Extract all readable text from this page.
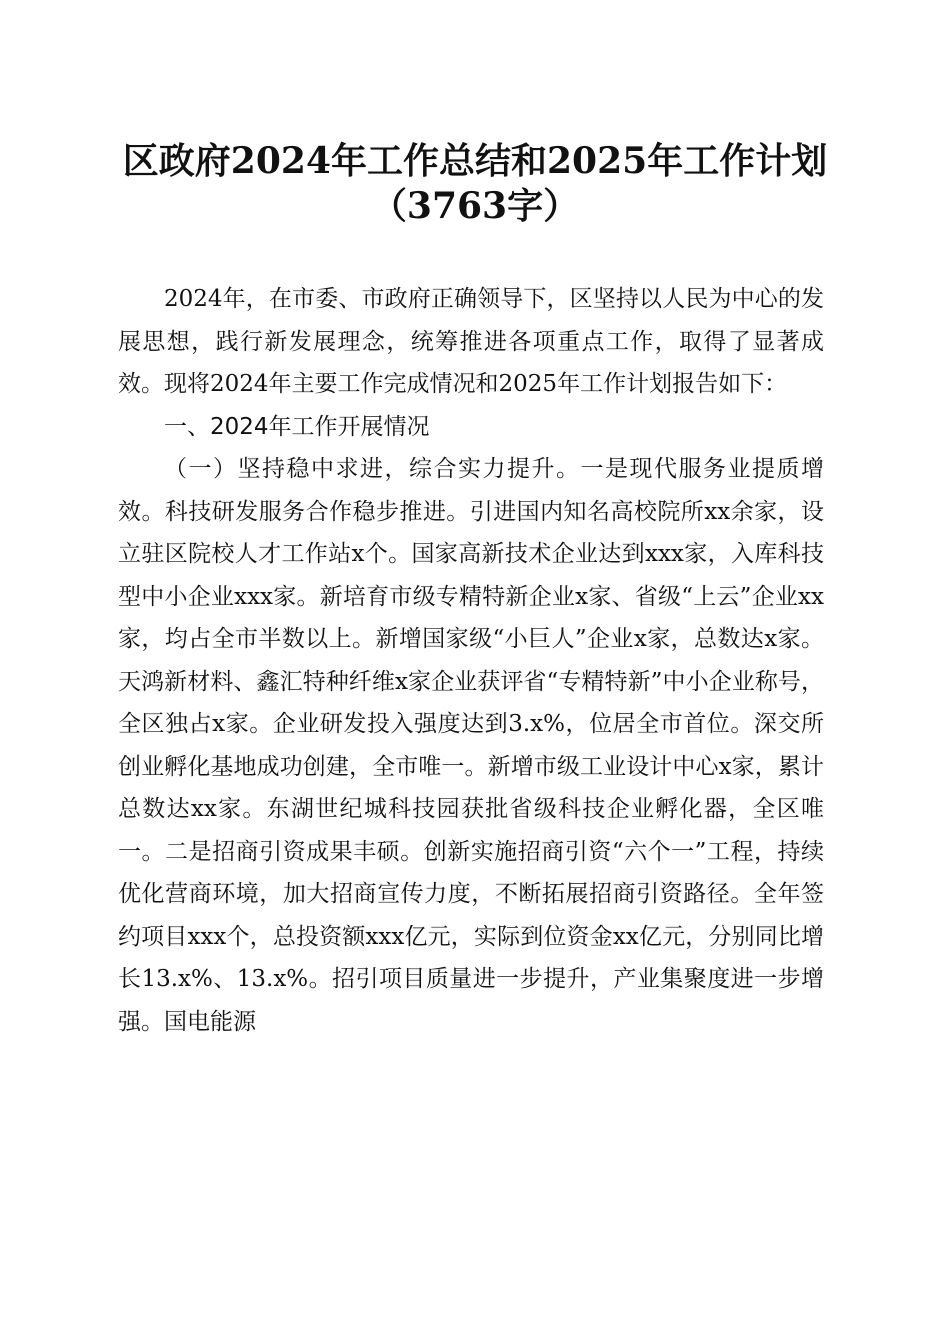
区政府2024年工作总结和2025年工作计划
（3763字）

2024年，在市委、市政府正确领导下，区坚持以人民为中心的发展思想，践行新发展理念，统筹推进各项重点工作，取得了显著成效。现将2024年主要工作完成情况和2025年工作计划报告如下：

一、2024年工作开展情况

（一）坚持稳中求进，综合实力提升。一是现代服务业提质增效。科技研发服务合作稳步推进。引进国内知名高校院所xx余家，设立驻区院校人才工作站x个。国家高新技术企业达到xxx家，入库科技型中小企业xxx家。新培育市级专精特新企业x家、省级“上云”企业xx家，均占全市半数以上。新增国家级“小巨人”企业x家，总数达x家。天鸿新材料、鑫汇特种纤维x家企业获评省“专精特新”中小企业称号，全区独占x家。企业研发投入强度达到3.x%，位居全市首位。深交所创业孵化基地成功创建，全市唯一。新增市级工业设计中心x家，累计总数达xx家。东湖世纪城科技园获批省级科技企业孵化器，全区唯一。二是招商引资成果丰硕。创新实施招商引资“六个一”工程，持续优化营商环境，加大招商宣传力度，不断拓展招商引资路径。全年签约项目xxx个，总投资额xxx亿元，实际到位资金xx亿元，分别同比增长13.x%、13.x%。招引项目质量进一步提升，产业集聚度进一步增强。国电能源
